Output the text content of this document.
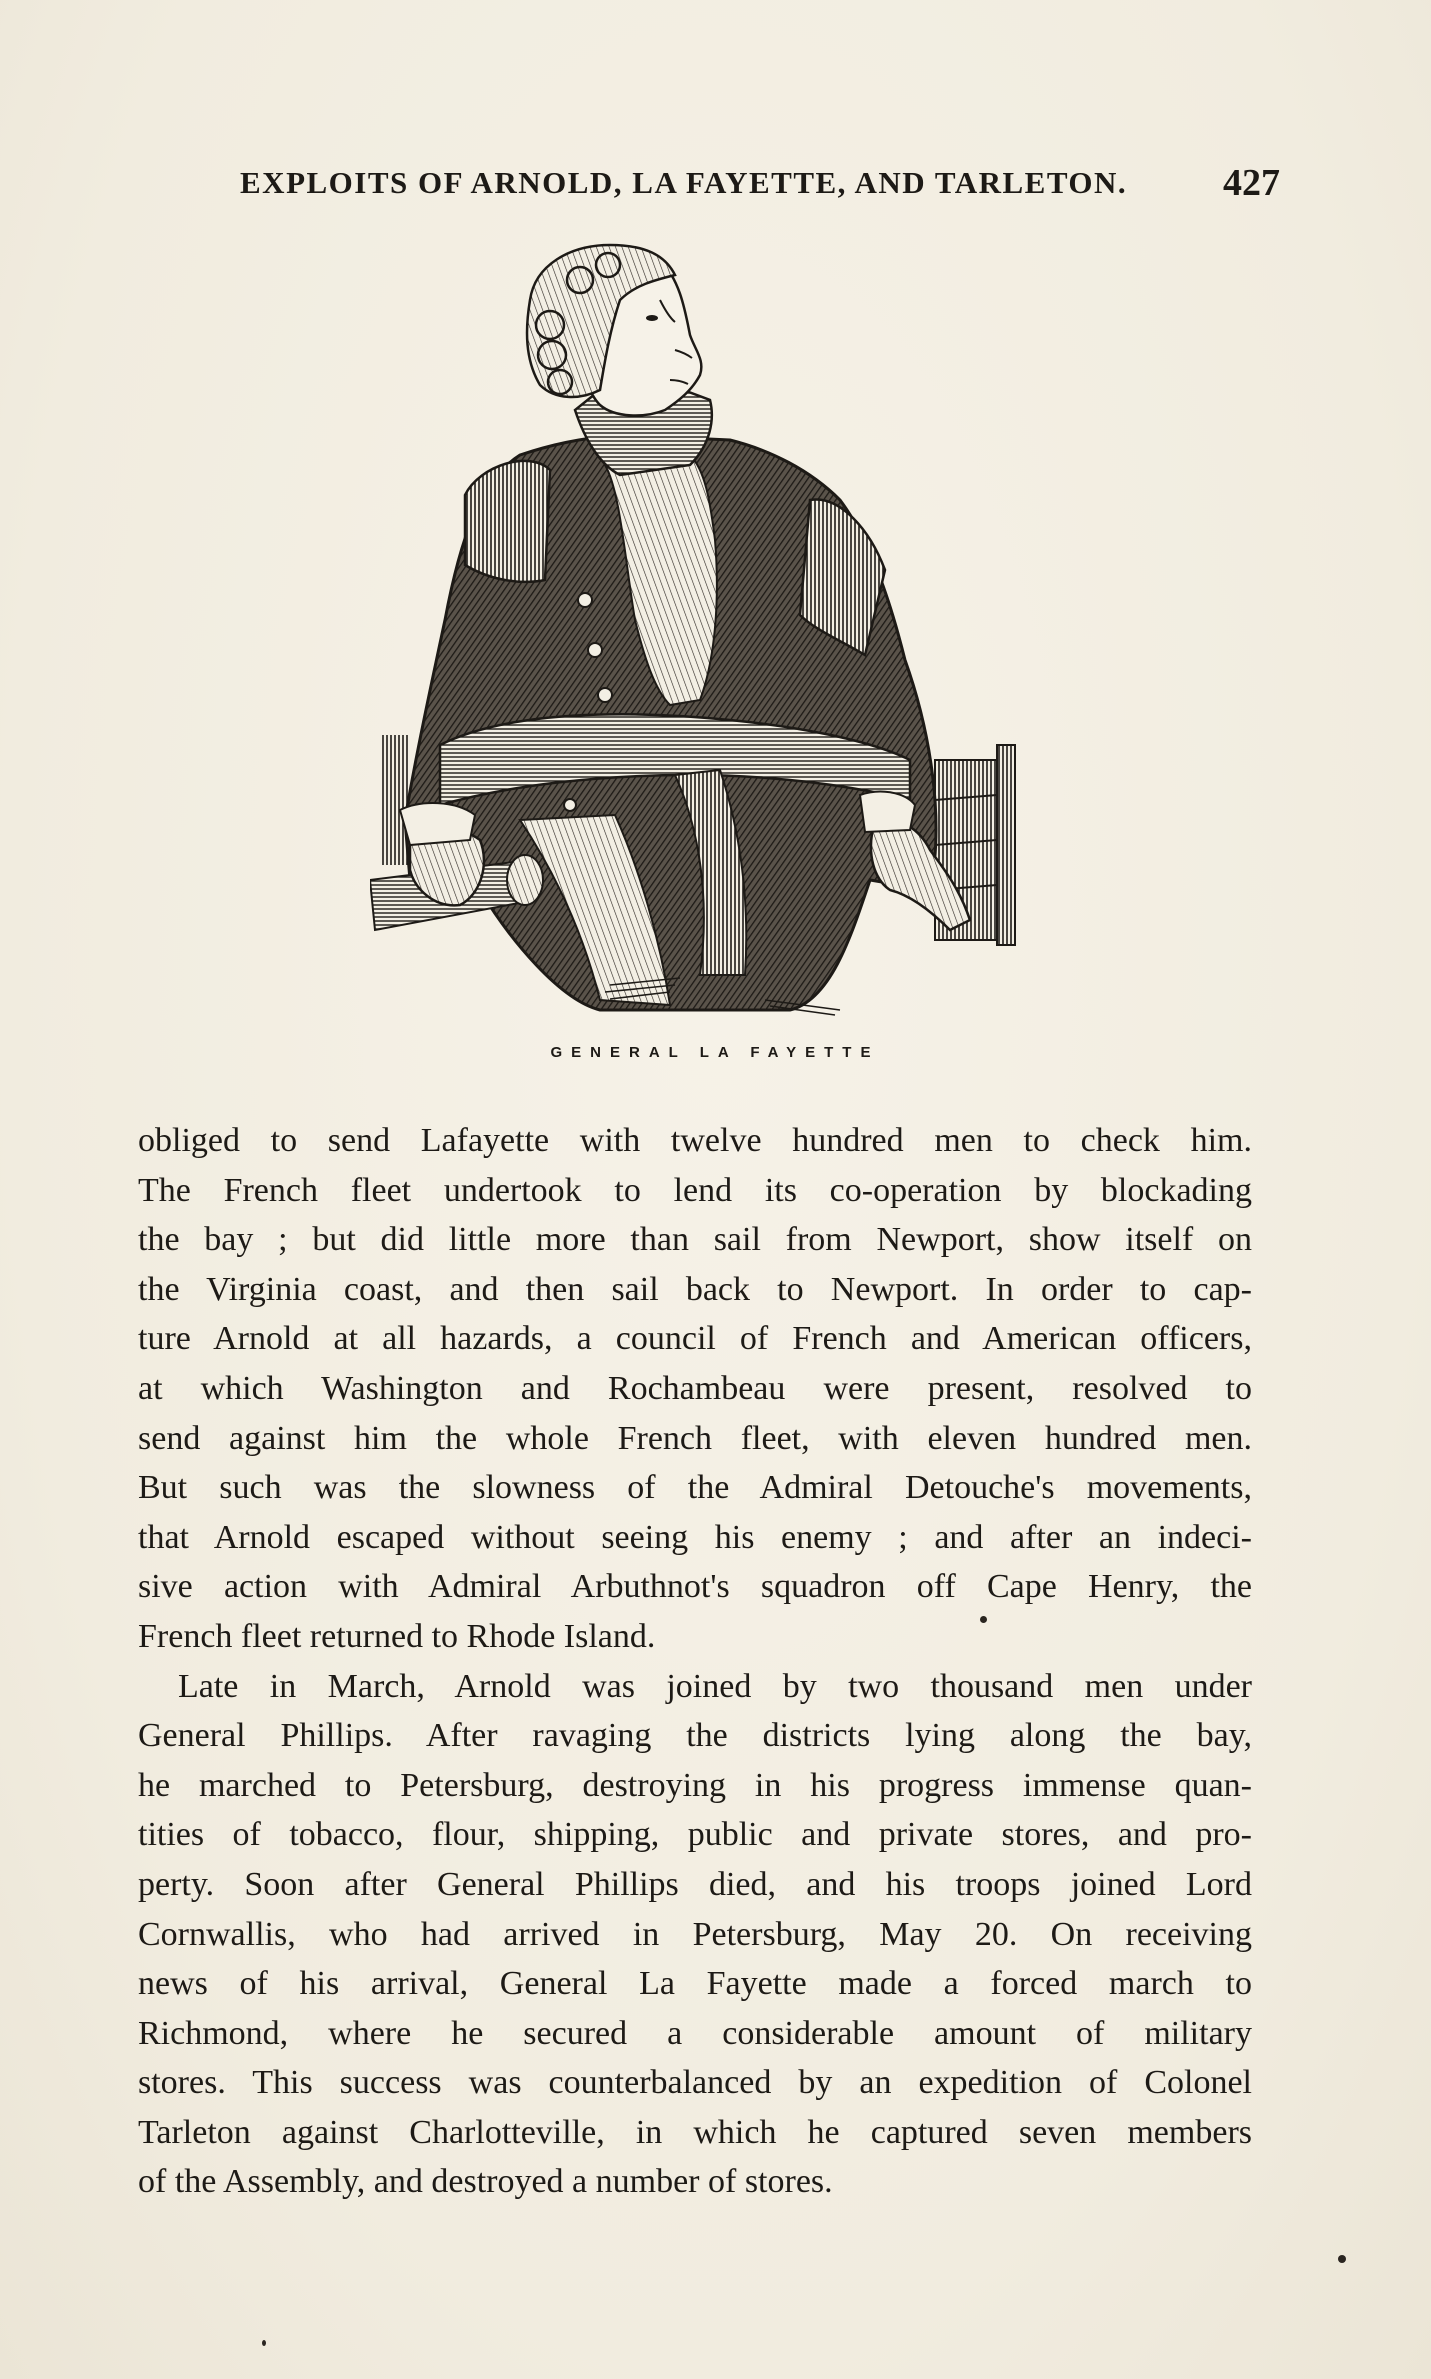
EXPLOITS OF ARNOLD, LA FAYETTE, AND TARLETON.	427
GENERAL LA FAYETTE
obliged to send Lafayette with twelve hundred men to check him.
The French fleet undertook to lend its co-operation by blockading
the bay ; but did little more than sail from Newport, show itself on
the Virginia coast, and then sail back to Newport. In order to cap-
ture Arnold at all hazards, a council of French and American officers,
at which Washington and Rochambeau were present, resolved to
send against him the whole French fleet, with eleven hundred men.
But such was the slowness of the Admiral Detouche's movements,
that Arnold escaped without seeing his enemy ; and after an indeci-
sive action with Admiral Arbuthnot's squadron off Cape Henry, the
French fleet returned to Rhode Island.
Late in March, Arnold was joined by two thousand men under
General Phillips. After ravaging the districts lying along the bay,
he marched to Petersburg, destroying in his progress immense quan-
tities of tobacco, flour, shipping, public and private stores, and pro-
perty. Soon after General Phillips died, and his troops joined Lord
Cornwallis, who had arrived in Petersburg, May 20. On receiving
news of his arrival, General La Fayette made a forced march to
Richmond, where he secured a considerable amount of military
stores. This success was counterbalanced by an expedition of Colonel
Tarleton against Charlotteville, in which he captured seven members
of the Assembly, and destroyed a number of stores.
